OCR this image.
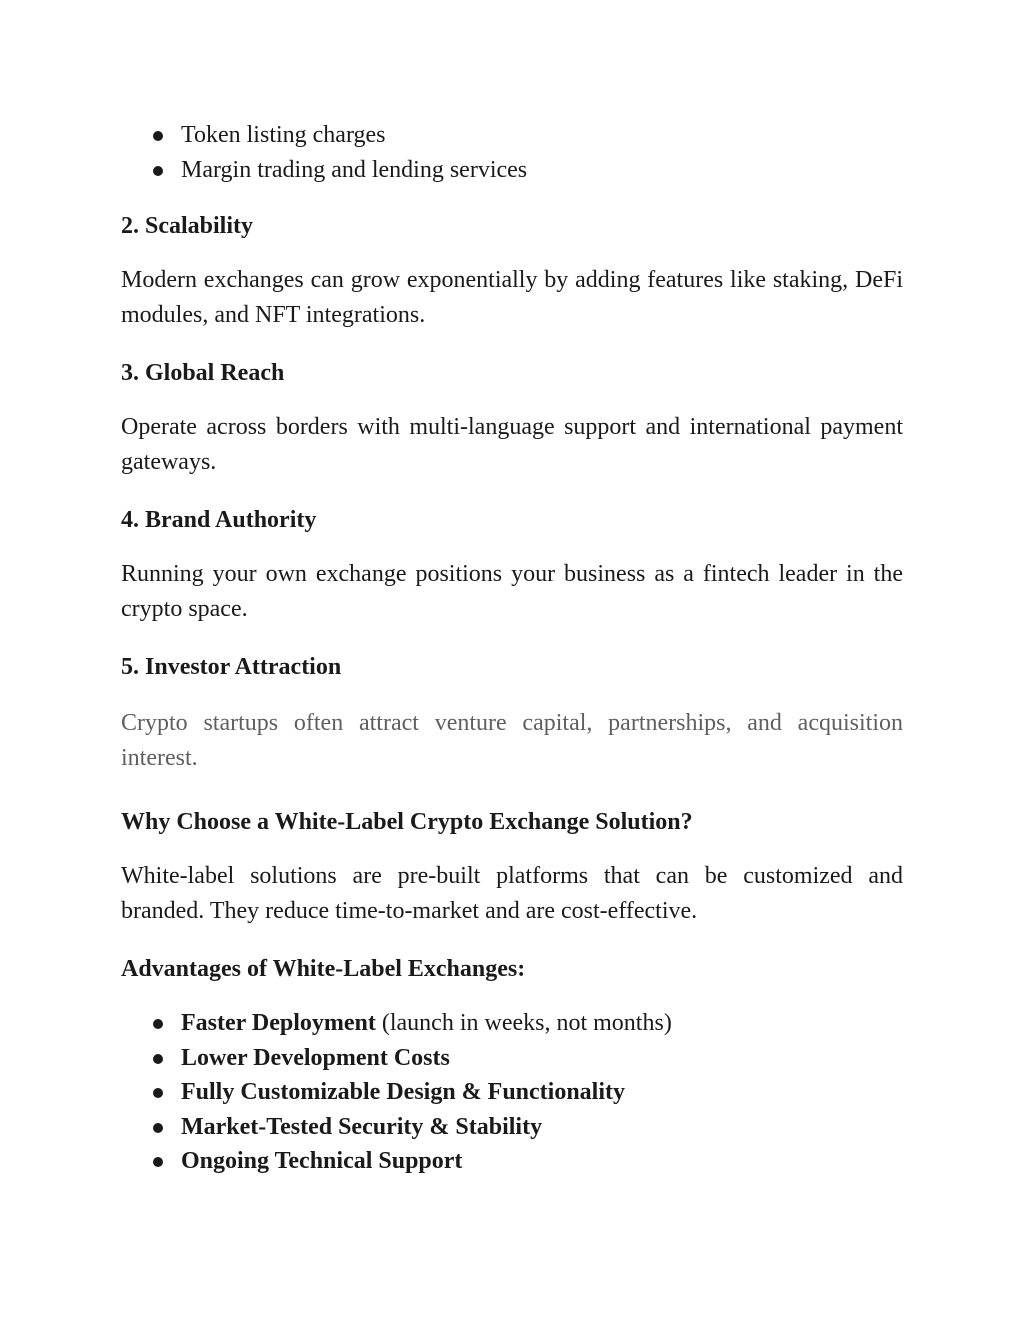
Token listing charges
Margin trading and lending services
2. Scalability

Modern exchanges can grow exponentially by adding features like staking, DeFi modules, and NFT integrations.

3. Global Reach

Operate across borders with multi-language support and international payment gateways.

4. Brand Authority

Running your own exchange positions your business as a fintech leader in the crypto space.

5. Investor Attraction

Crypto startups often attract venture capital, partnerships, and acquisition interest.

Why Choose a White-Label Crypto Exchange Solution?

White-label solutions are pre-built platforms that can be customized and branded. They reduce time-to-market and are cost-effective.

Advantages of White-Label Exchanges:
Faster Deployment (launch in weeks, not months)
Lower Development Costs
Fully Customizable Design & Functionality
Market-Tested Security & Stability
Ongoing Technical Support
